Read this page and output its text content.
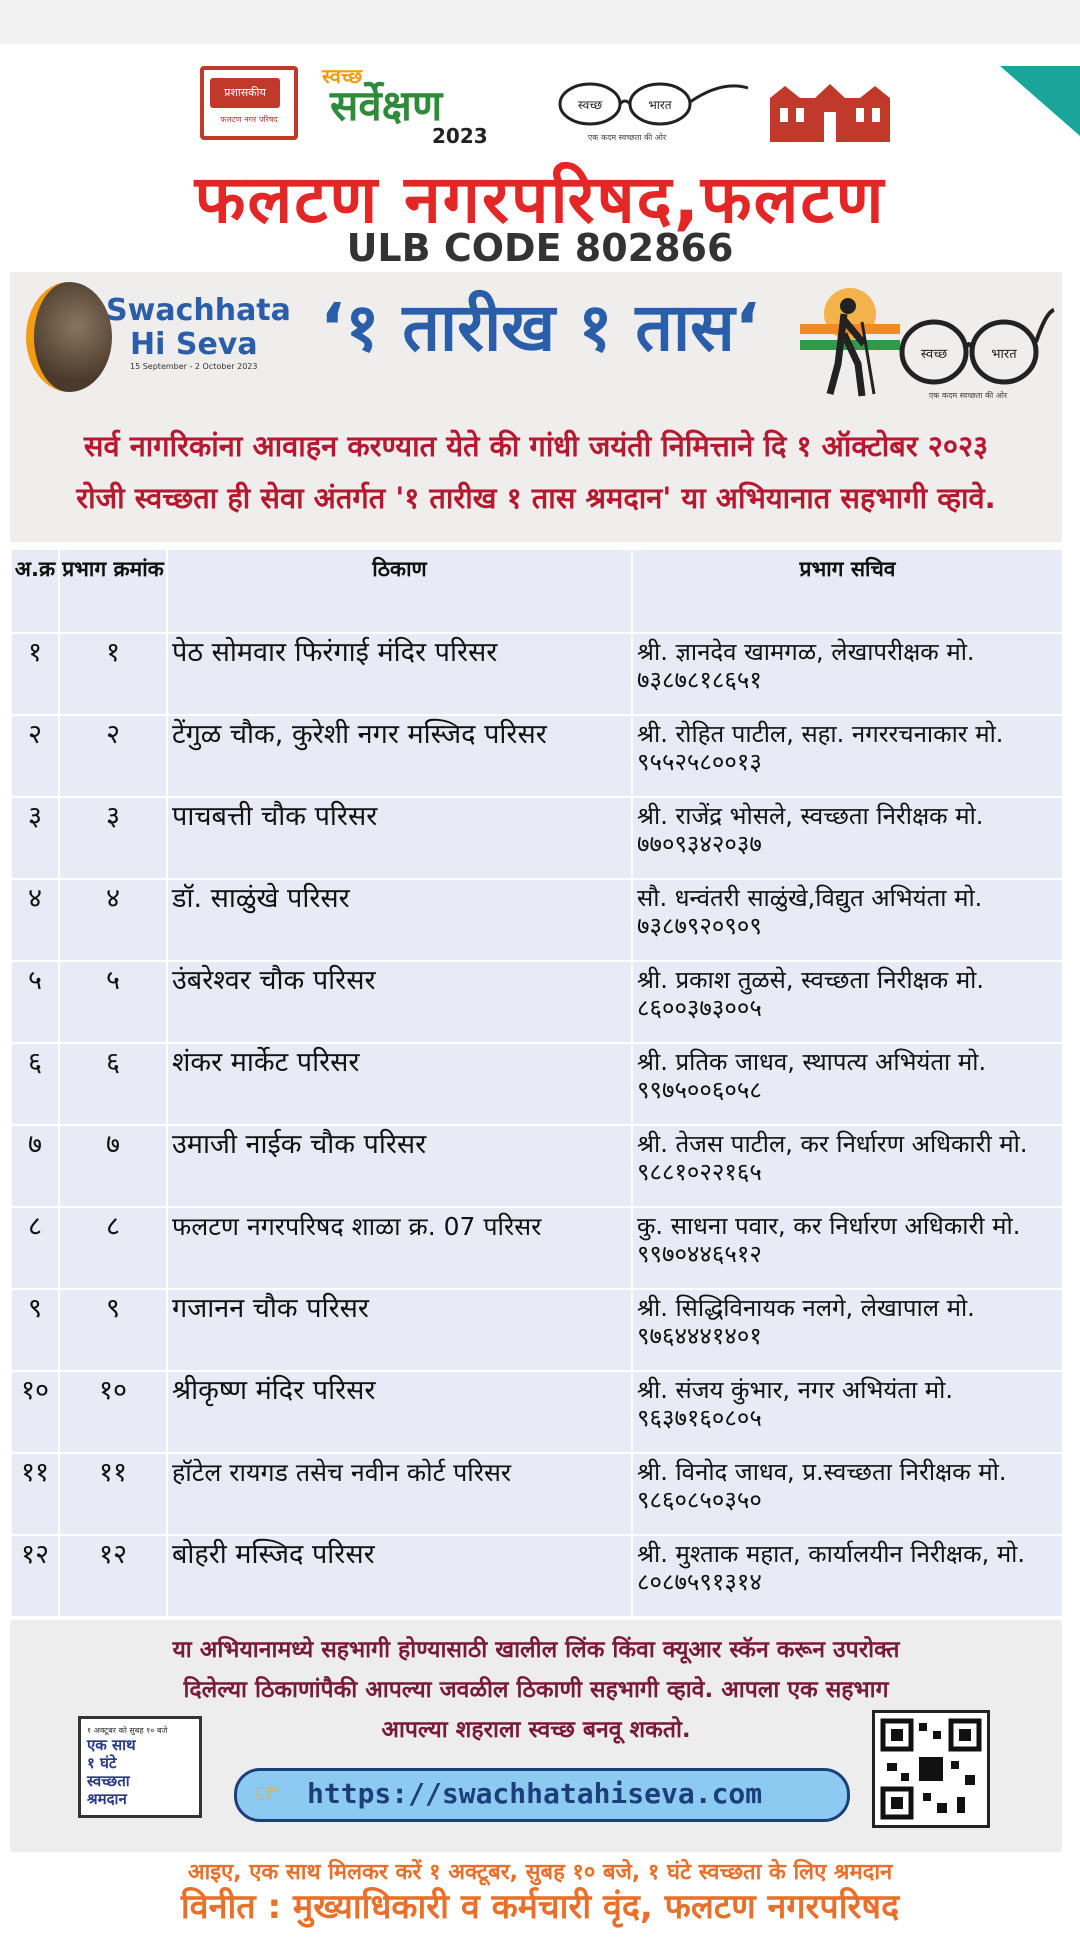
प्रशासकीय
फलटण नगर परिषद
स्वच्छ
सर्वेक्षण
2023
स्वच्छ	भारत
एक कदम स्वच्छता की ओर
फलटण नगरपरिषद,फलटण
ULB CODE 802866
Swachhata
Hi Seva
15 September - 2 October 2023
‘१ तारीख १ तास‘	स्वच्छ	भारत
एक कदम स्वच्छता की ओर
सर्व नागरिकांना आवाहन करण्यात येते की गांधी जयंती निमित्ताने दि १ ऑक्टोबर २०२३
रोजी स्वच्छता ही सेवा अंतर्गत '१ तारीख १ तास श्रमदान' या अभियानात सहभागी व्हावे.
अ.क्र	प्रभाग क्रमांक	ठिकाण	प्रभाग सचिव
१	१	पेठ सोमवार फिरंगाई मंदिर परिसर	श्री. ज्ञानदेव खामगळ, लेखापरीक्षक मो. ७३८७८१८६५१
२	२	टेंगुळ चौक, कुरेशी नगर मस्जिद परिसर	श्री. रोहित पाटील, सहा. नगररचनाकार मो. ९५५२५८००१३
३	३	पाचबत्ती चौक परिसर	श्री. राजेंद्र भोसले, स्वच्छता निरीक्षक मो. ७७०९३४२०३७
४	४	डॉ. साळुंखे परिसर	सौ. धन्वंतरी साळुंखे,विद्युत अभियंता मो. ७३८७९२०९०९
५	५	उंबरेश्वर चौक परिसर	श्री. प्रकाश तुळसे, स्वच्छता निरीक्षक मो. ८६००३७३००५
६	६	शंकर मार्केट परिसर	श्री. प्रतिक जाधव, स्थापत्य अभियंता मो. ९९७५००६०५८
७	७	उमाजी नाईक चौक परिसर	श्री. तेजस पाटील, कर निर्धारण अधिकारी मो. ९८८१०२२१६५
८	८	फलटण नगरपरिषद शाळा क्र. 07 परिसर	कु. साधना पवार, कर निर्धारण अधिकारी मो. ९९७०४४६५१२
९	९	गजानन चौक परिसर	श्री. सिद्धिविनायक नलगे, लेखापाल मो. ९७६४४४१४०१
१०	१०	श्रीकृष्ण मंदिर परिसर	श्री. संजय कुंभार, नगर अभियंता मो. ९६३७१६०८०५
११	११	हॉटेल रायगड तसेच नवीन कोर्ट परिसर	श्री. विनोद जाधव, प्र.स्वच्छता निरीक्षक मो. ९८६०८५०३५०
१२	१२	बोहरी मस्जिद परिसर	श्री. मुश्ताक महात, कार्यालयीन निरीक्षक, मो. ८०८७५९१३१४
या अभियानामध्ये सहभागी होण्यासाठी खालील लिंक किंवा क्यूआर स्कॅन करून उपरोक्त
दिलेल्या ठिकाणांपैकी आपल्या जवळील ठिकाणी सहभागी व्हावे. आपला एक सहभाग
आपल्या शहराला स्वच्छ बनवू शकतो.
१ अक्टूबर को सुबह १० बजे
एक साथ
१ घंटे
स्वच्छता
श्रमदान	☞ https://swachhatahiseva.com
आइए, एक साथ मिलकर करें १ अक्टूबर, सुबह १० बजे, १ घंटे स्वच्छता के लिए श्रमदान
विनीत : मुख्याधिकारी व कर्मचारी वृंद, फलटण नगरपरिषद
